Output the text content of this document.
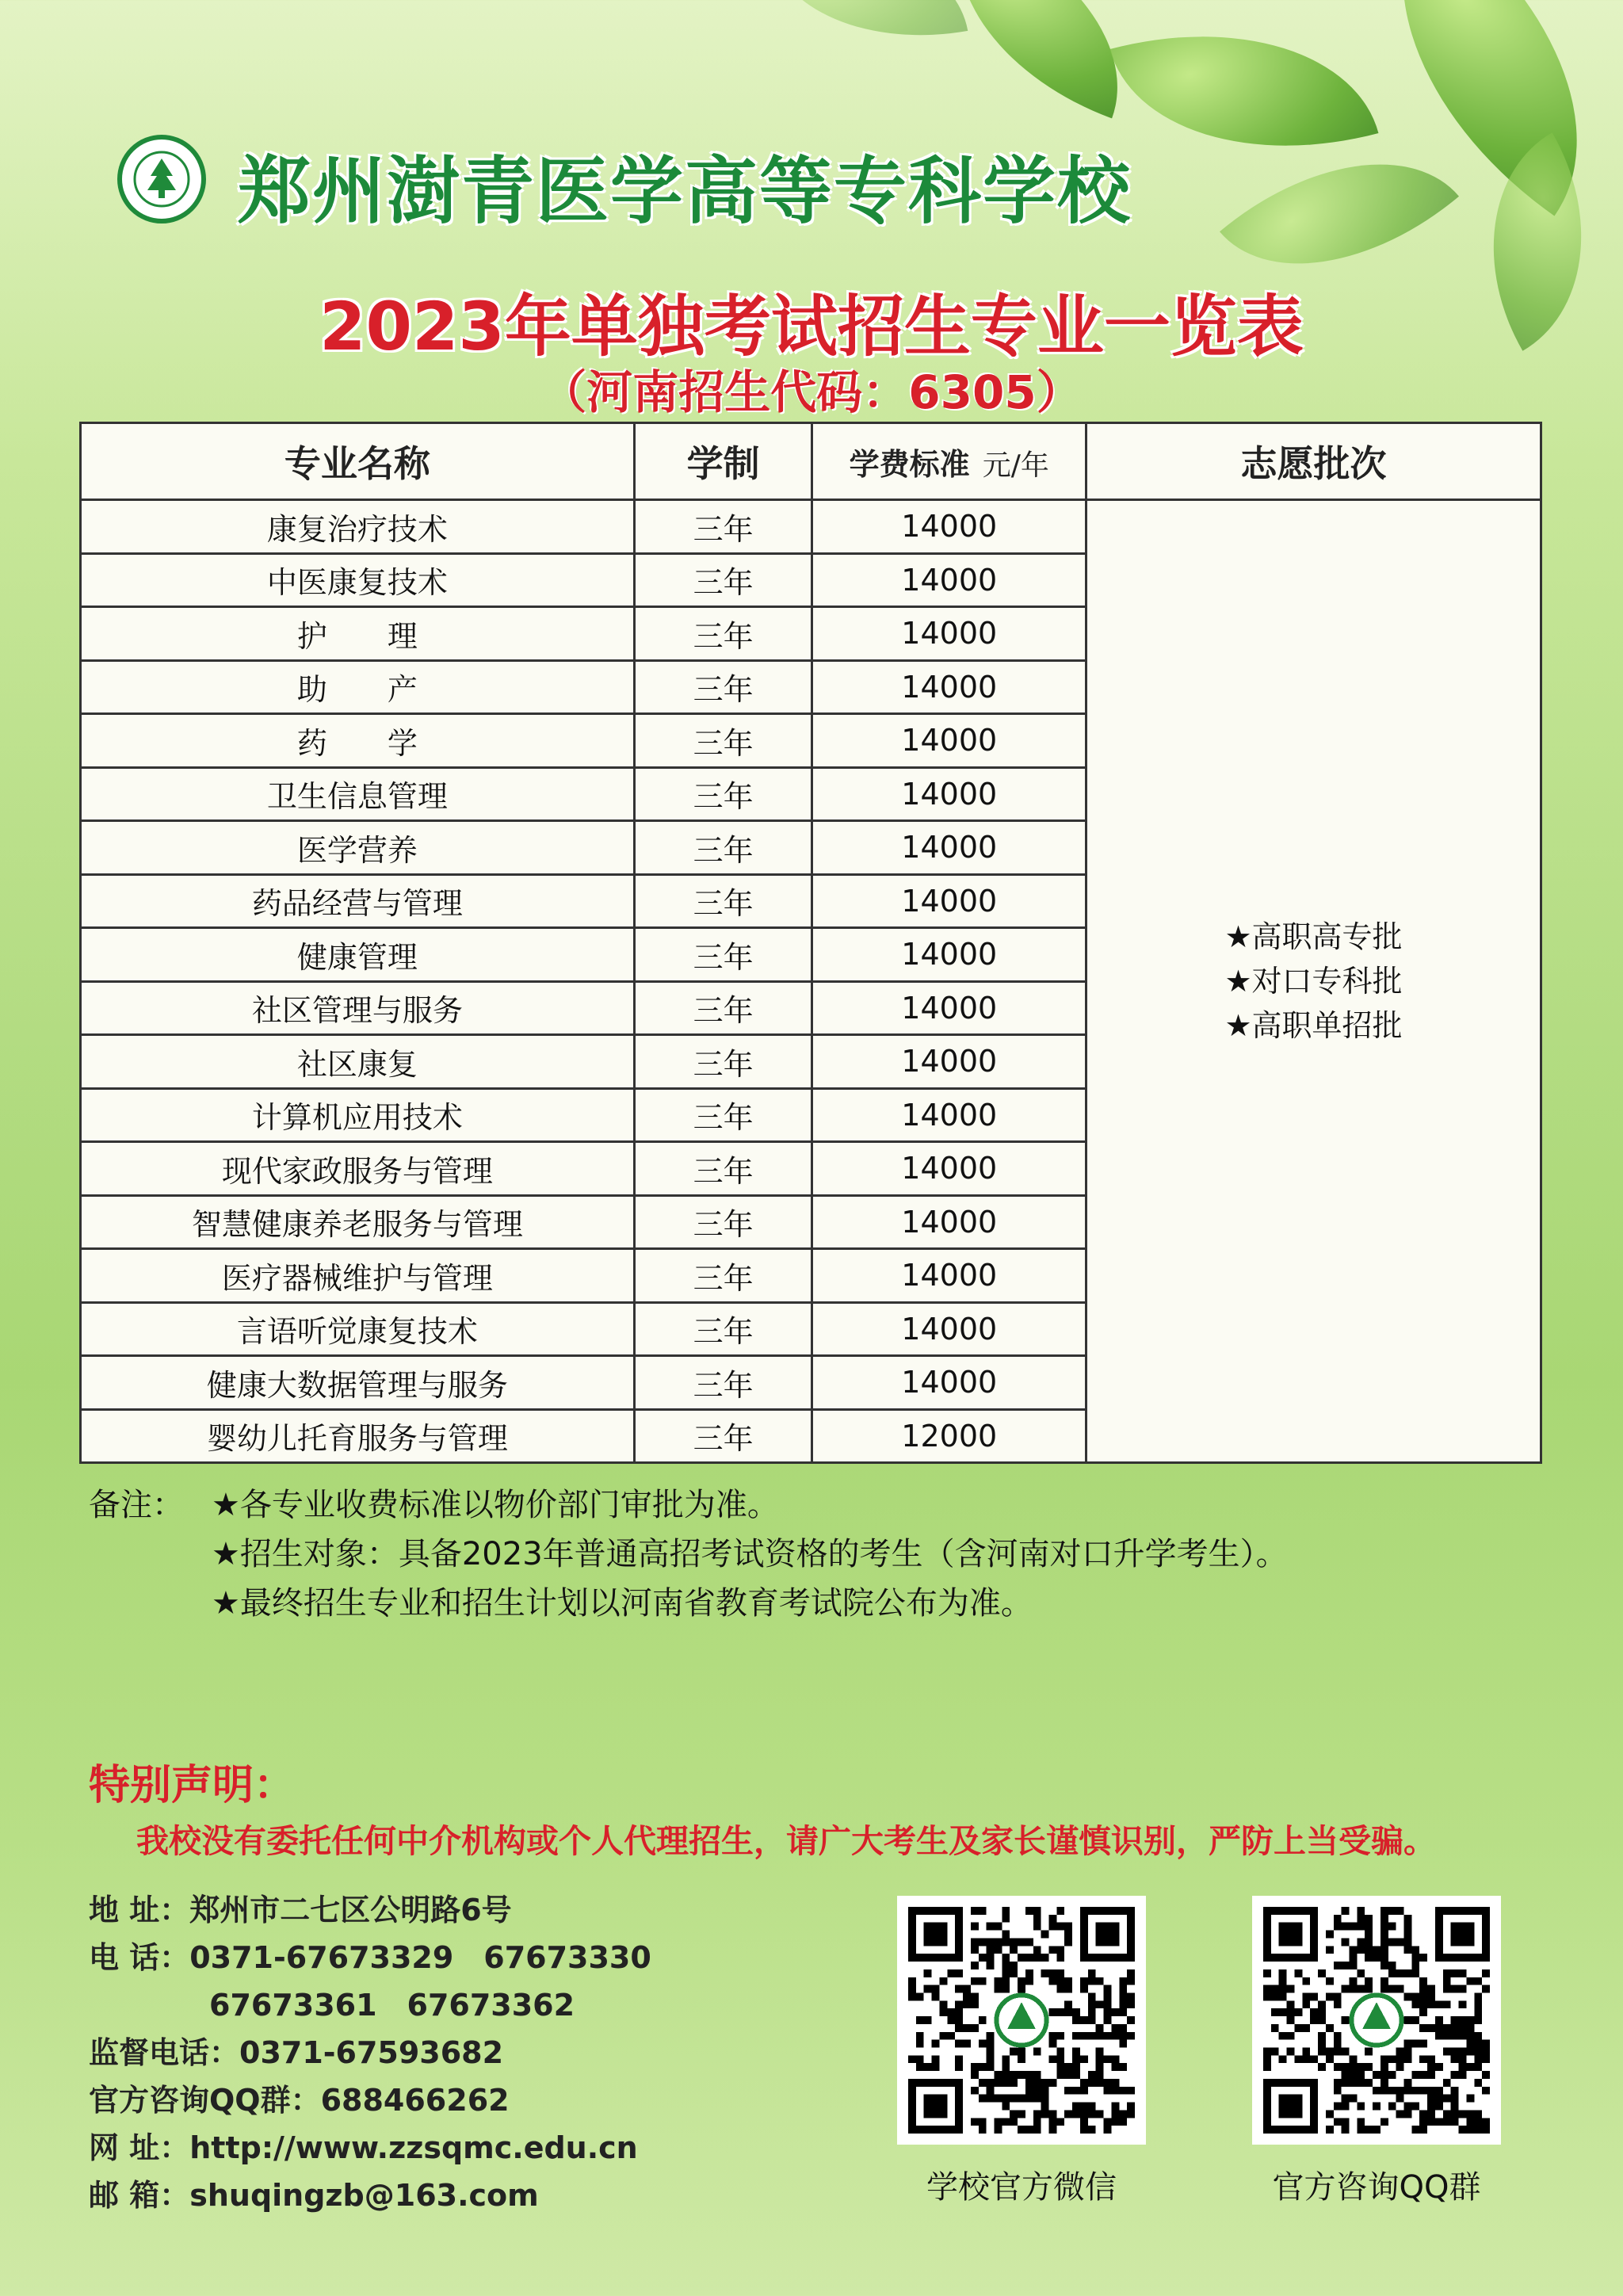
郑州澍青医学高等专科学校
2023年单独考试招生专业一览表
（河南招生代码：6305）
专业名称	学制	学费标准 元/年	志愿批次
康复治疗技术	三年	14000	★高职高专批
★对口专科批
★高职单招批

中医康复技术	三年	14000	
护　　理	三年	14000	
助　　产	三年	14000	
药　　学	三年	14000	
卫生信息管理	三年	14000	
医学营养	三年	14000	
药品经营与管理	三年	14000	
健康管理	三年	14000	
社区管理与服务	三年	14000	
社区康复	三年	14000	
计算机应用技术	三年	14000	
现代家政服务与管理	三年	14000	
智慧健康养老服务与管理	三年	14000	
医疗器械维护与管理	三年	14000	
言语听觉康复技术	三年	14000	
健康大数据管理与服务	三年	14000	
婴幼儿托育服务与管理	三年	12000	
备注： ★各专业收费标准以物价部门审批为准。
★招生对象：具备2023年普通高招考试资格的考生（含河南对口升学考生）。
★最终招生专业和招生计划以河南省教育考试院公布为准。
特别声明：
我校没有委托任何中介机构或个人代理招生，请广大考生及家长谨慎识别，严防上当受骗。
地 址：郑州市二七区公明路6号
电 话：0371-67673329　67673330
　　　　67673361　67673362
监督电话：0371-67593682
官方咨询QQ群：688466262
网 址：http://www.zzsqmc.edu.cn
邮 箱：shuqingzb@163.com	学校官方微信	官方咨询QQ群
